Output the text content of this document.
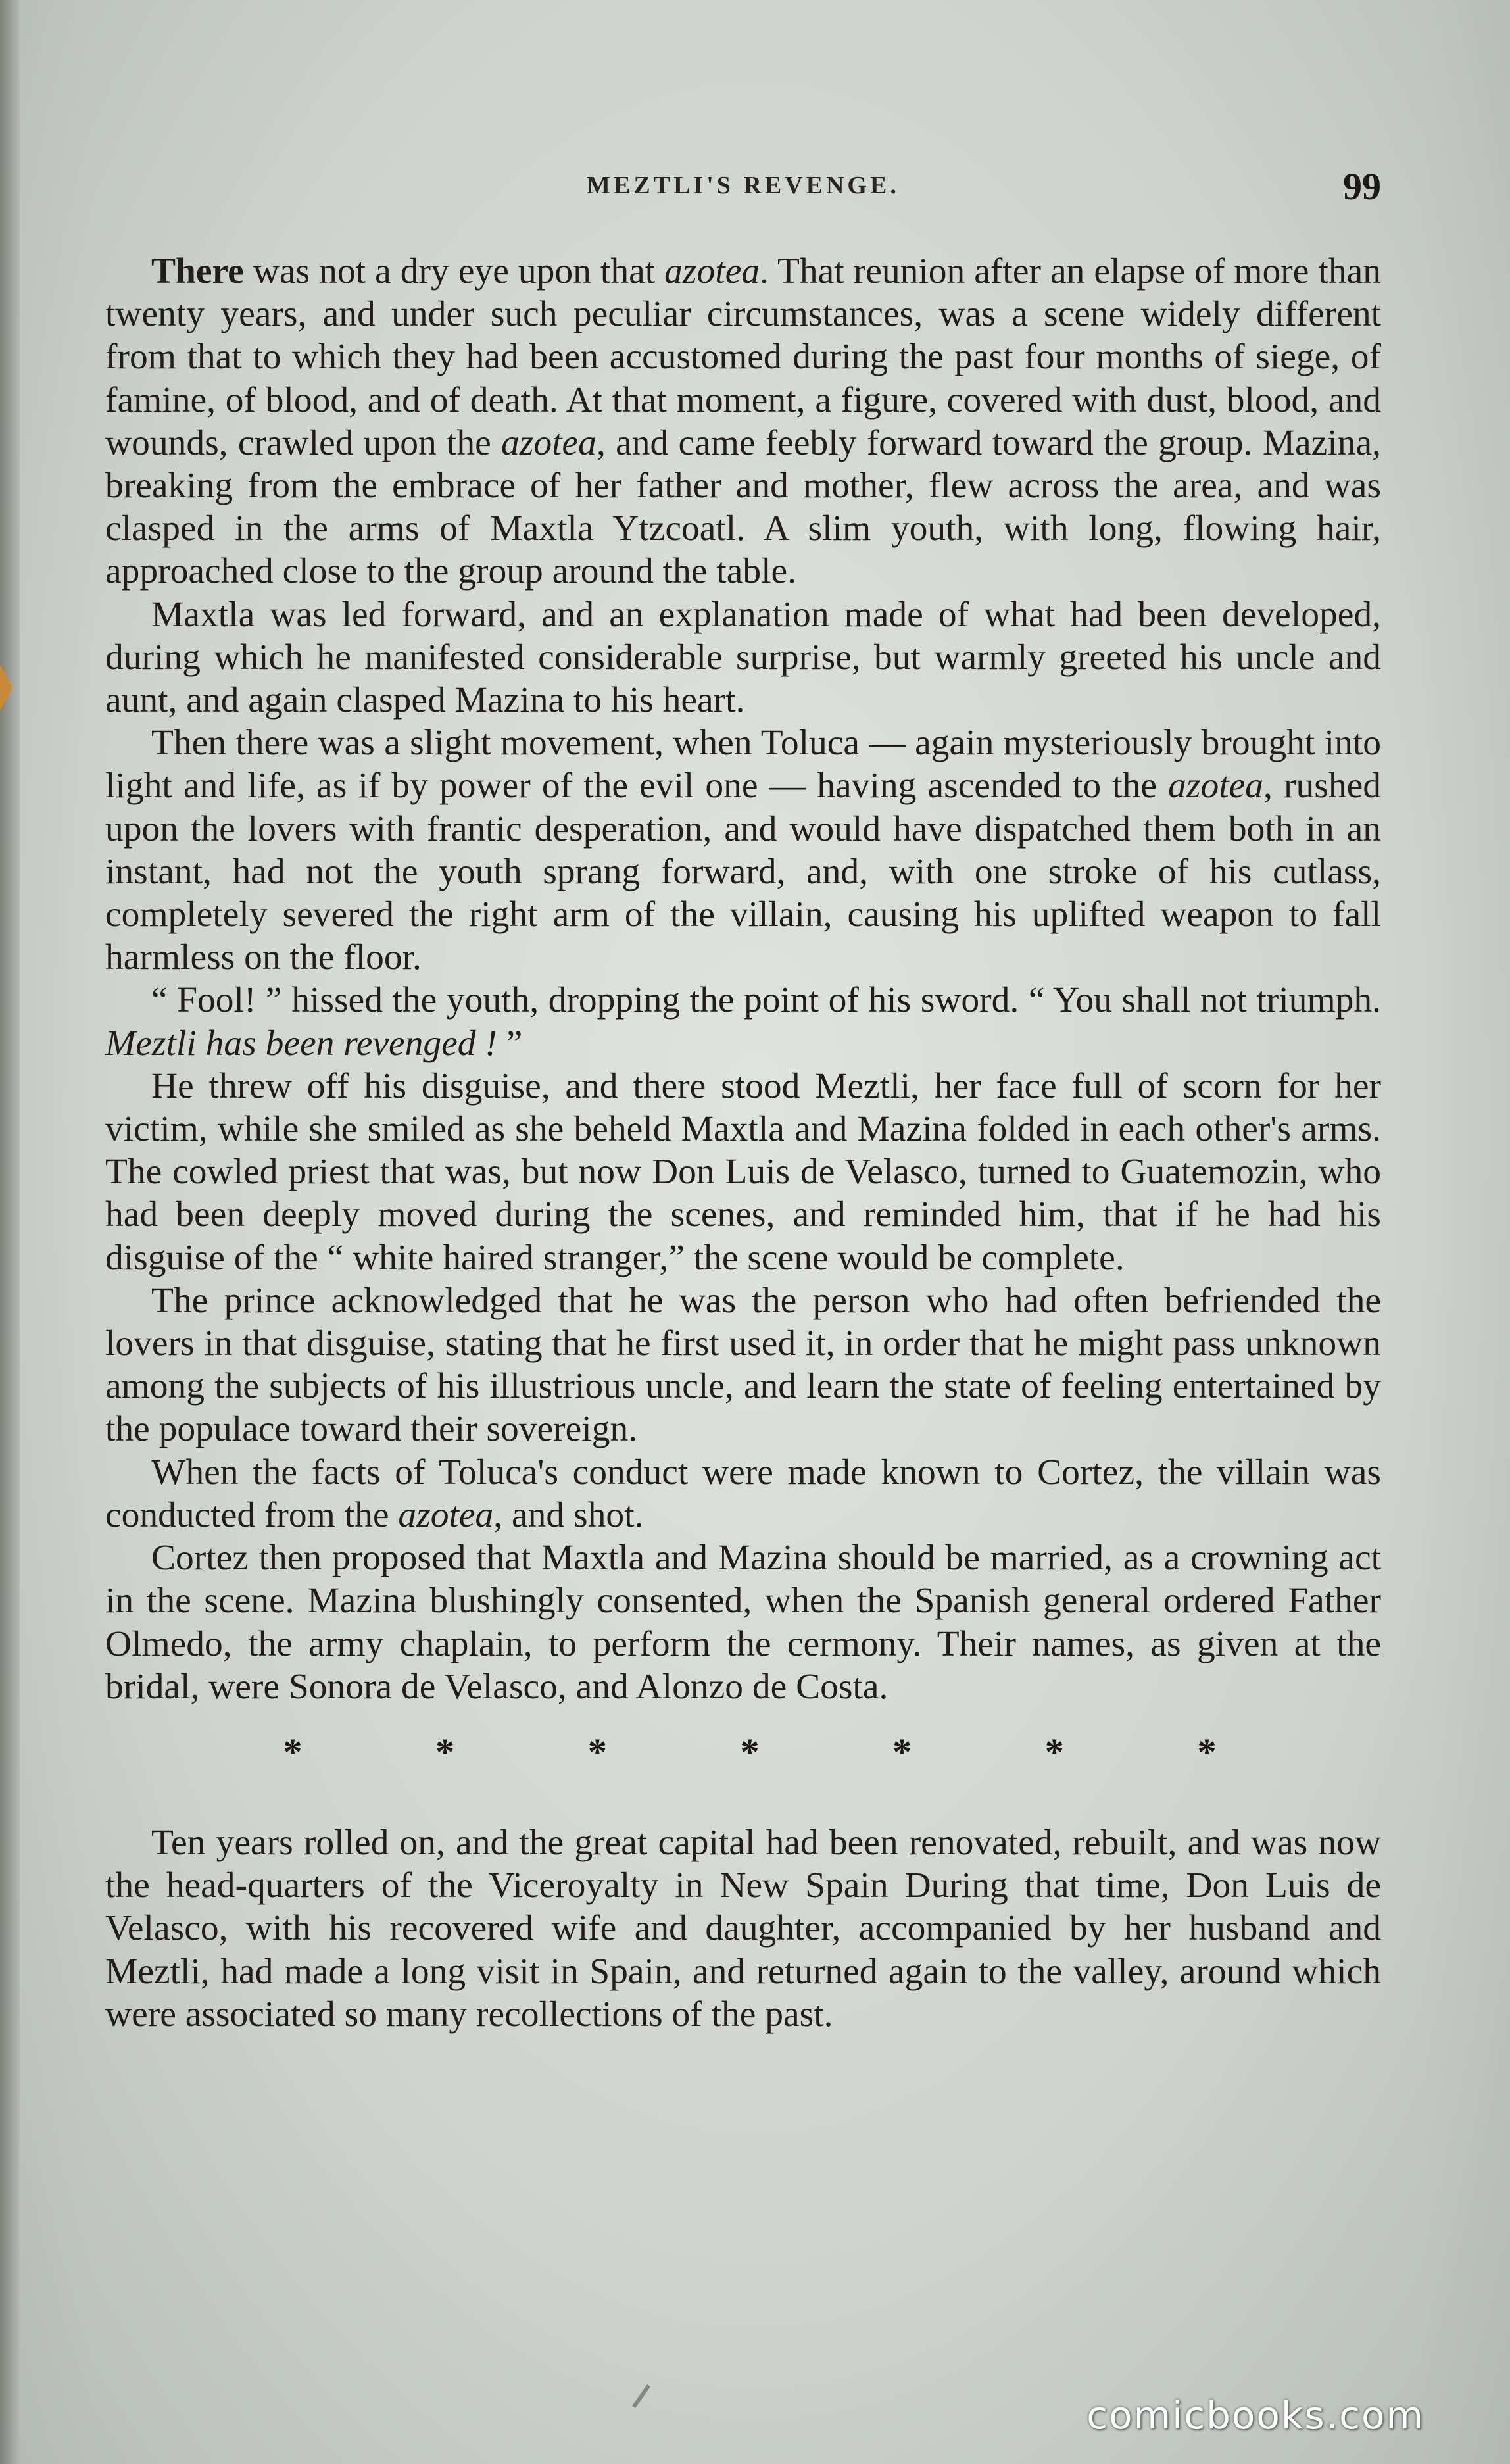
MEZTLI'S REVENGE.	99

There was not a dry eye upon that azotea. That reunion after an elapse of more than twenty years, and under such peculiar circumstances, was a scene widely different from that to which they had been accustomed during the past four months of siege, of famine, of blood, and of death. At that moment, a figure, covered with dust, blood, and wounds, crawled upon the azotea, and came feebly forward toward the group. Mazina, breaking from the embrace of her father and mother, flew across the area, and was clasped in the arms of Maxtla Ytzcoatl. A slim youth, with long, flowing hair, approached close to the group around the table.

Maxtla was led forward, and an explanation made of what had been developed, during which he manifested considerable surprise, but warmly greeted his uncle and aunt, and again clasped Mazina to his heart.

Then there was a slight movement, when Toluca — again mysteriously brought into light and life, as if by power of the evil one — having ascended to the azotea, rushed upon the lovers with frantic desperation, and would have dispatched them both in an instant, had not the youth sprang forward, and, with one stroke of his cutlass, completely severed the right arm of the villain, causing his uplifted weapon to fall harmless on the floor.

“ Fool! ” hissed the youth, dropping the point of his sword. “ You shall not triumph. Meztli has been revenged ! ”

He threw off his disguise, and there stood Meztli, her face full of scorn for her victim, while she smiled as she beheld Maxtla and Mazina folded in each other's arms. The cowled priest that was, but now Don Luis de Velasco, turned to Guatemozin, who had been deeply moved during the scenes, and reminded him, that if he had his disguise of the “ white haired stranger,” the scene would be complete.

The prince acknowledged that he was the person who had often befriended the lovers in that disguise, stating that he first used it, in order that he might pass unknown among the subjects of his illustrious uncle, and learn the state of feeling entertained by the populace toward their sovereign.

When the facts of Toluca's conduct were made known to Cortez, the villain was conducted from the azotea, and shot.

Cortez then proposed that Maxtla and Mazina should be married, as a crowning act in the scene. Mazina blushingly consented, when the Spanish general ordered Father Olmedo, the army chaplain, to perform the cermony. Their names, as given at the bridal, were Sonora de Velasco, and Alonzo de Costa.

*	*	*	*	*	*	*

Ten years rolled on, and the great capital had been renovated, rebuilt, and was now the head-quarters of the Viceroyalty in New Spain During that time, Don Luis de Velasco, with his recovered wife and daughter, accompanied by her husband and Meztli, had made a long visit in Spain, and returned again to the valley, around which were associated so many recollections of the past.

comicbooks.com
